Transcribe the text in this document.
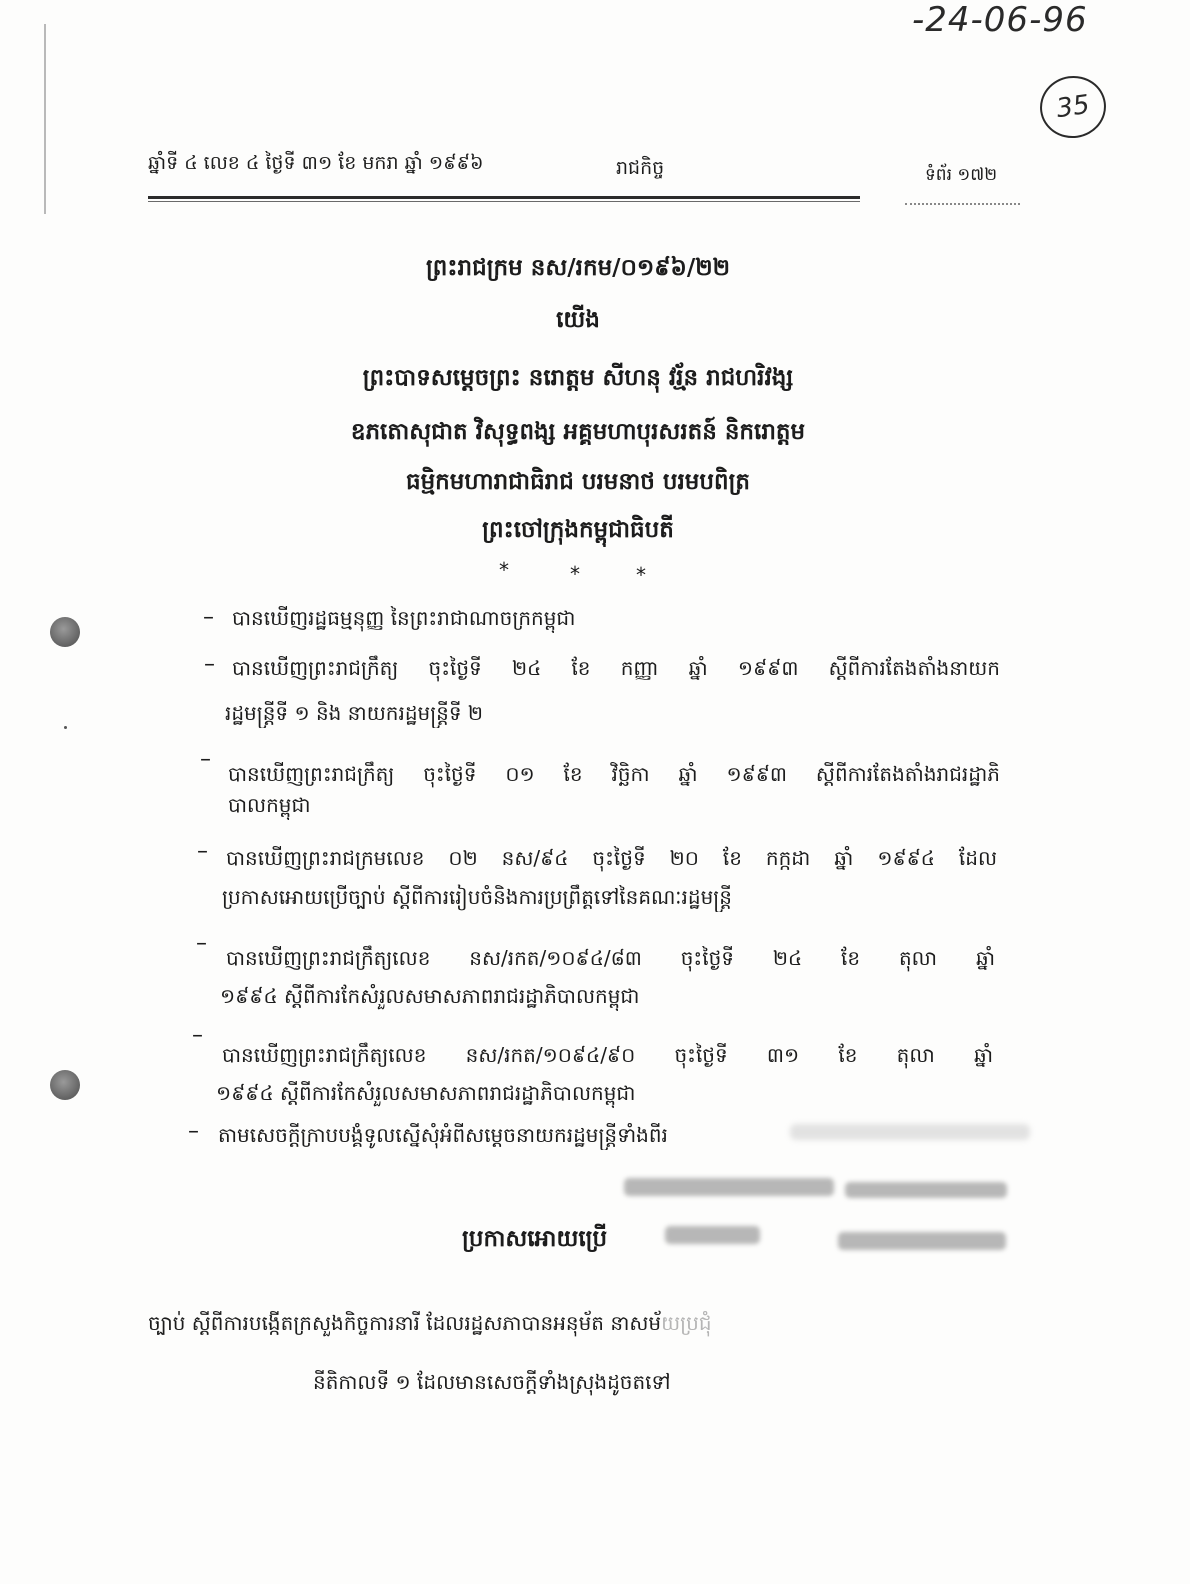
-24-06-96
35
ឆ្នាំទី ៤ លេខ ៤ ថ្ងៃទី ៣១ ខែ មករា ឆ្នាំ ១៩៩៦	រាជកិច្ច	ទំព័រ ១៧២
ព្រះរាជក្រម នស/រកម/០១៩៦/២២
យើង
ព្រះបាទសម្តេចព្រះ នរោត្តម សីហនុ វរ្ម័ន រាជហរិវង្ស
ឧភតោសុជាត វិសុទ្ធពង្ស អគ្គមហាបុរសរតន៍ និករោត្តម
ធម្មិកមហារាជាធិរាជ បរមនាថ បរមបពិត្រ
ព្រះចៅក្រុងកម្ពុជាធិបតី
*	*	*
– បានឃើញរដ្ឋធម្មនុញ្ញ នៃព្រះរាជាណាចក្រកម្ពុជា
– បានឃើញព្រះរាជក្រឹត្យ ចុះថ្ងៃទី ២៤ ខែ កញ្ញា ឆ្នាំ ១៩៩៣ ស្តីពីការតែងតាំងនាយក
រដ្ឋមន្ត្រីទី ១ និង នាយករដ្ឋមន្ត្រីទី ២
–
បានឃើញព្រះរាជក្រឹត្យ ចុះថ្ងៃទី ០១ ខែ វិច្ឆិកា ឆ្នាំ ១៩៩៣ ស្តីពីការតែងតាំងរាជរដ្ឋាភិ
បាលកម្ពុជា
– បានឃើញព្រះរាជក្រមលេខ ០២ នស/៩៤ ចុះថ្ងៃទី ២០ ខែ កក្កដា ឆ្នាំ ១៩៩៤ ដែល
ប្រកាសអោយប្រើច្បាប់ ស្តីពីការរៀបចំនិងការប្រព្រឹត្តទៅនៃគណៈរដ្ឋមន្ត្រី
–
បានឃើញព្រះរាជក្រឹត្យលេខ នស/រកត/១០៩៤/៨៣ ចុះថ្ងៃទី ២៤ ខែ តុលា ឆ្នាំ
១៩៩៤ ស្តីពីការកែសំរួលសមាសភាពរាជរដ្ឋាភិបាលកម្ពុជា
–
បានឃើញព្រះរាជក្រឹត្យលេខ នស/រកត/១០៩៤/៩០ ចុះថ្ងៃទី ៣១ ខែ តុលា ឆ្នាំ
១៩៩៤ ស្តីពីការកែសំរួលសមាសភាពរាជរដ្ឋាភិបាលកម្ពុជា
– តាមសេចក្តីក្រាបបង្គំទូលស្នើសុំអំពីសម្តេចនាយករដ្ឋមន្ត្រីទាំងពីរ
ប្រកាសអោយប្រើ
ច្បាប់ ស្តីពីការបង្កើតក្រសួងកិច្ចការនារី ដែលរដ្ឋសភាបានអនុម័ត នាសម័យប្រជុំ
នីតិកាលទី ១ ដែលមានសេចក្តីទាំងស្រុងដូចតទៅ
